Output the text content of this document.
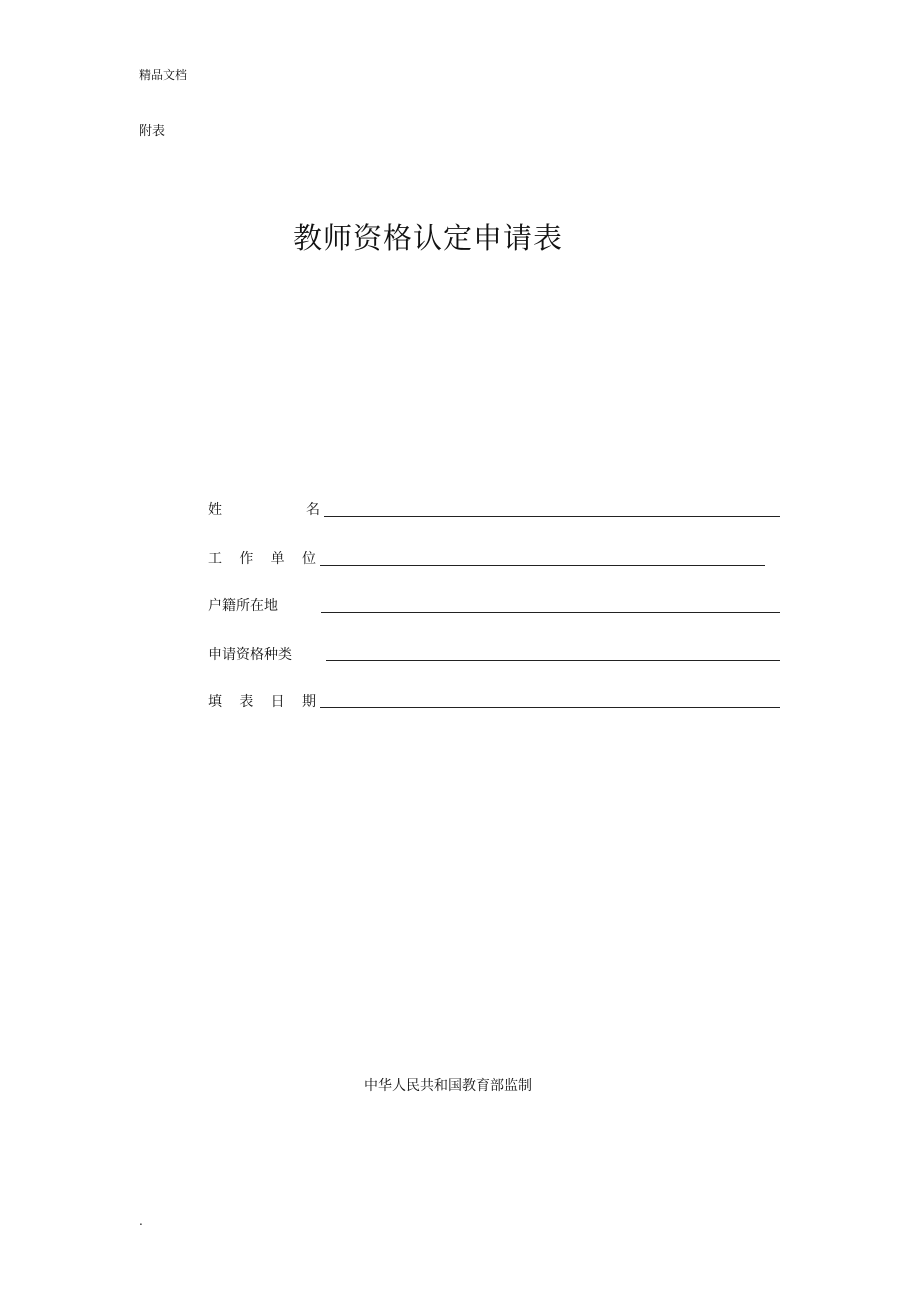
精品文档
附表
教师资格认定申请表
姓	名
工 作 单 位
户籍所在地
申请资格种类
填 表 日 期
中华人民共和国教育部监制
.
